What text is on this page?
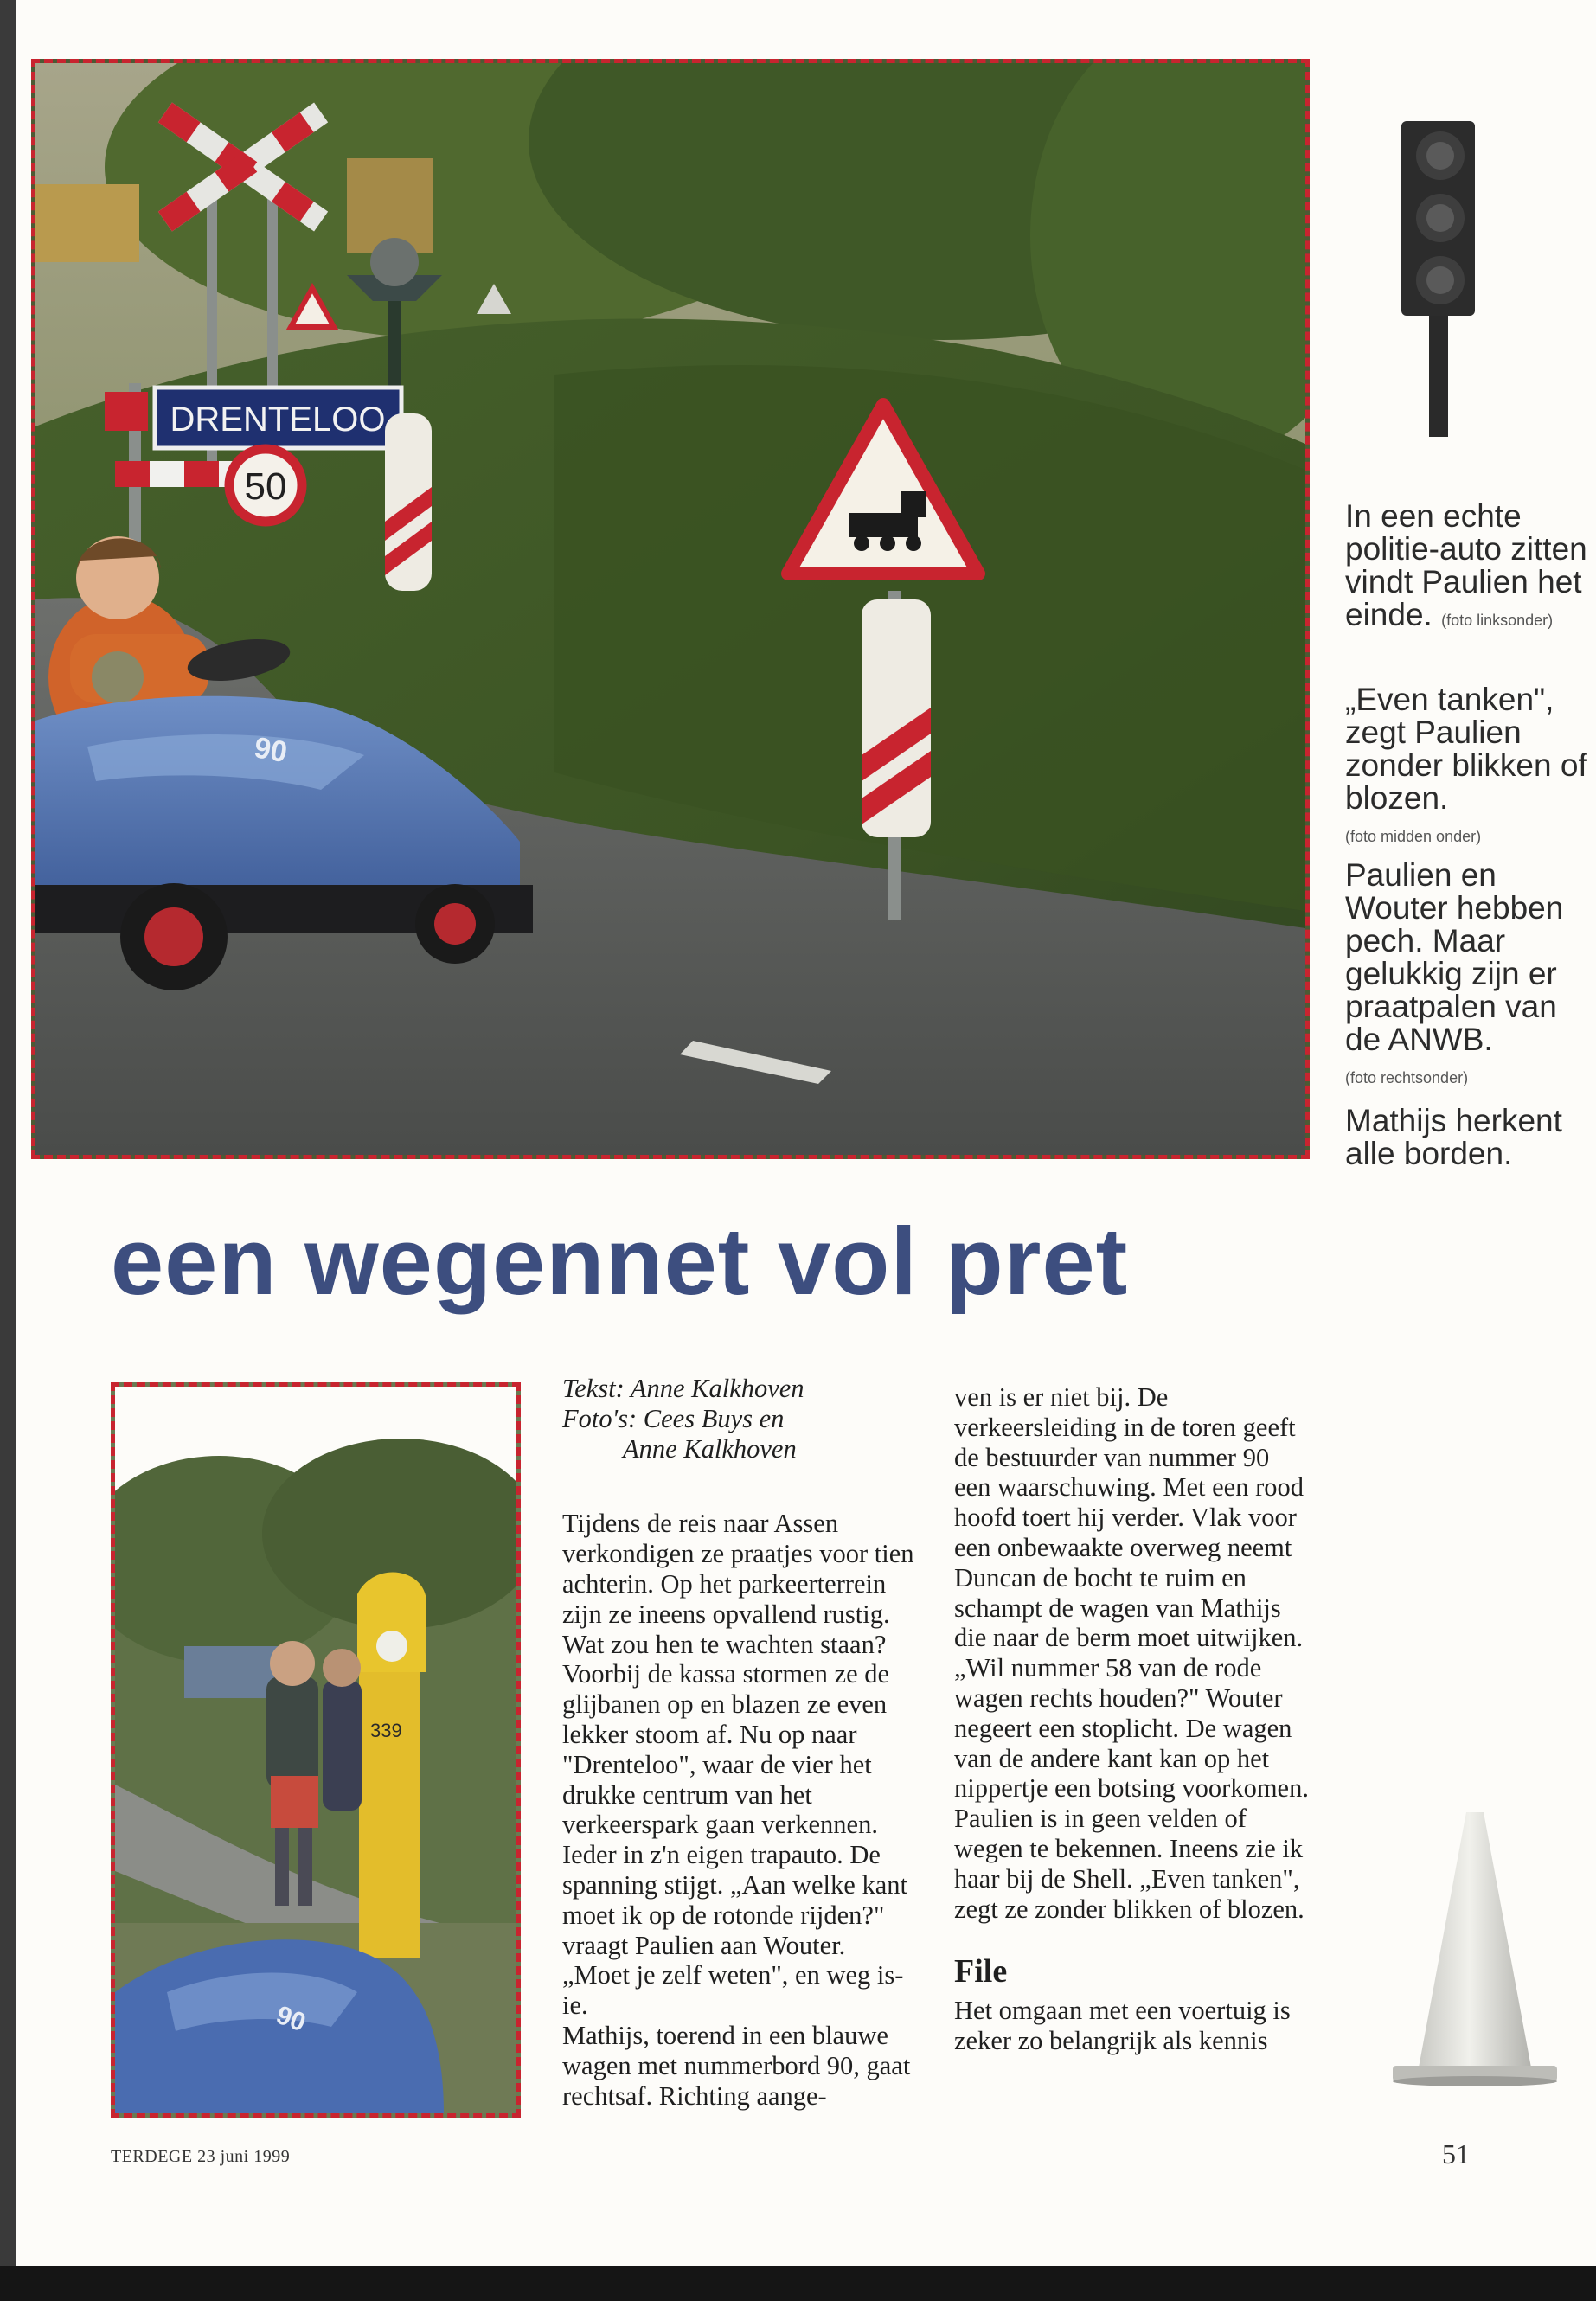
DRENTELOO
50
90
In een echte politie-auto zitten vindt Paulien het einde. (foto linksonder)
„Even tanken", zegt Paulien zonder blikken of blozen.
(foto midden onder)
Paulien en Wouter hebben pech. Maar gelukkig zijn er praatpalen van de ANWB.
(foto rechtsonder)
Mathijs herkent alle borden.
een wegennet vol pret
339
90
Tekst: Anne Kalkhoven
Foto's: Cees Buys en
Anne Kalkhoven
Tijdens de reis naar Assen verkondigen ze praatjes voor tien achterin. Op het parkeerterrein zijn ze ineens opvallend rustig. Wat zou hen te wachten staan? Voorbij de kassa stormen ze de glijbanen op en blazen ze even lekker stoom af. Nu op naar "Drenteloo", waar de vier het drukke centrum van het verkeerspark gaan verkennen. Ieder in z'n eigen trapauto. De spanning stijgt. „Aan welke kant moet ik op de rotonde rijden?" vraagt Paulien aan Wouter. „Moet je zelf weten", en weg is-ie.
Mathijs, toerend in een blauwe wagen met nummerbord 90, gaat rechtsaf. Richting aange-
ven is er niet bij. De verkeersleiding in de toren geeft de bestuurder van nummer 90 een waarschuwing. Met een rood hoofd toert hij verder. Vlak voor een onbewaakte overweg neemt Duncan de bocht te ruim en schampt de wagen van Mathijs die naar de berm moet uitwijken. „Wil nummer 58 van de rode wagen rechts houden?" Wouter negeert een stoplicht. De wagen van de andere kant kan op het nippertje een botsing voorkomen. Paulien is in geen velden of wegen te bekennen. Ineens zie ik haar bij de Shell. „Even tanken", zegt ze zonder blikken of blozen.
File
Het omgaan met een voertuig is zeker zo belangrijk als kennis
TERDEGE 23 juni 1999	51
